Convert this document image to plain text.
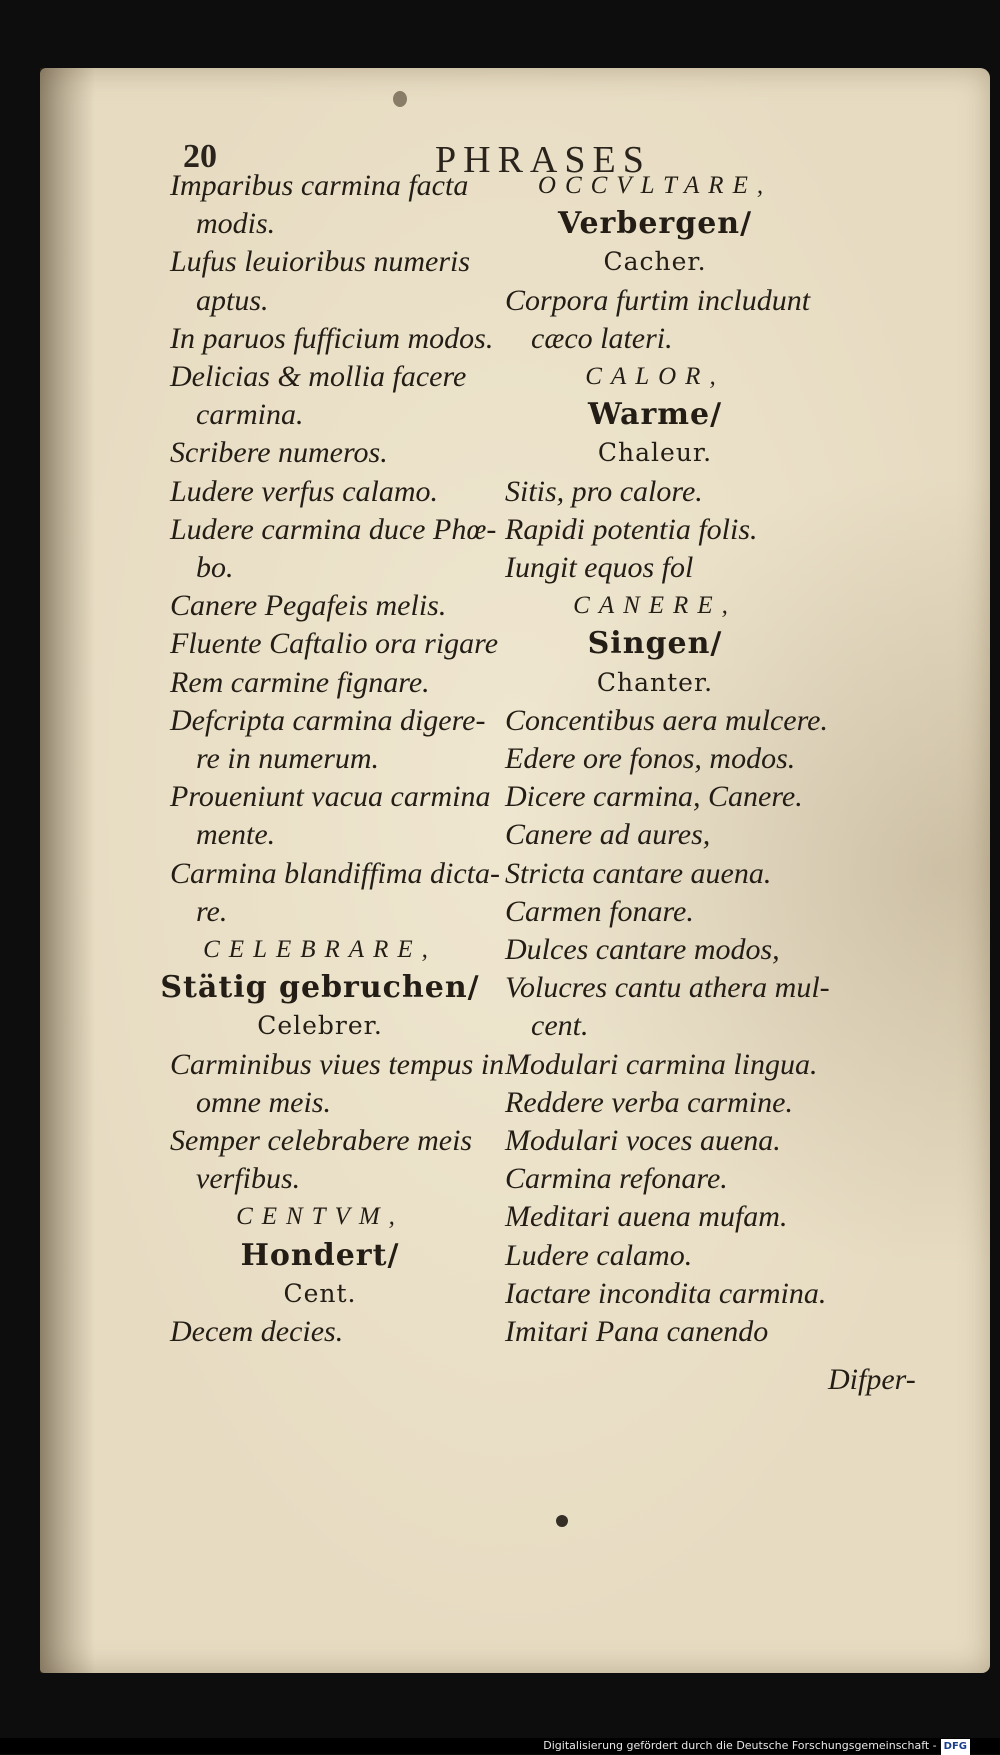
20	PHRASES
Imparibus carmina facta
modis.
Lufus leuioribus numeris
aptus.
In paruos fufficium modos.
Delicias & mollia facere
carmina.
Scribere numeros.
Ludere verfus calamo.
Ludere carmina duce Phœ-
bo.
Canere Pegafeis melis.
Fluente Caftalio ora rigare
Rem carmine fignare.
Defcripta carmina digere-
re in numerum.
Proueniunt vacua carmina
mente.
Carmina blandiffima dicta-
re.
CELEBRARE,
Stätig gebruchen/
Celebrer.
Carminibus viues tempus in
omne meis.
Semper celebrabere meis
verfibus.
CENTVM,
Hondert/
Cent.
Decem decies.
OCCVLTARE,
Verbergen/
Cacher.
Corpora furtim includunt
cæco lateri.
CALOR,
Warme/
Chaleur.
Sitis, pro calore.
Rapidi potentia folis.
Iungit equos fol
CANERE,
Singen/
Chanter.
Concentibus aera mulcere.
Edere ore fonos, modos.
Dicere carmina, Canere.
Canere ad aures,
Stricta cantare auena.
Carmen fonare.
Dulces cantare modos,
Volucres cantu athera mul-
cent.
Modulari carmina lingua.
Reddere verba carmine.
Modulari voces auena.
Carmina refonare.
Meditari auena mufam.
Ludere calamo.
Iactare incondita carmina.
Imitari Pana canendo
Difper-
Digitalisierung gefördert durch die Deutsche Forschungsgemeinschaft - DFG
